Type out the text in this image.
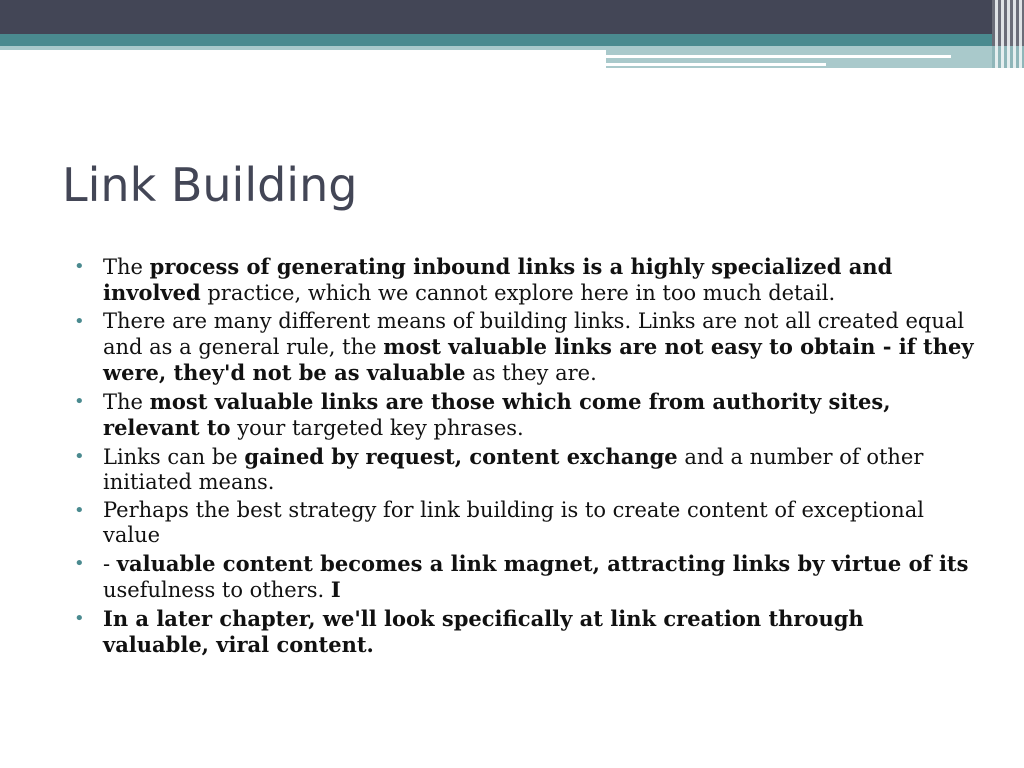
Link Building
• The process of generating inbound links is a highly specialized and involved practice, which we cannot explore here in too much detail.
• There are many different means of building links. Links are not all created equal and as a general rule, the most valuable links are not easy to obtain - if they were, they'd not be as valuable as they are.
• The most valuable links are those which come from authority sites, relevant to your targeted key phrases.
• Links can be gained by request, content exchange and a number of other initiated means.
• Perhaps the best strategy for link building is to create content of exceptional value
• - valuable content becomes a link magnet, attracting links by virtue of its usefulness to others. I
• In a later chapter, we'll look specifically at link creation through valuable, viral content.
